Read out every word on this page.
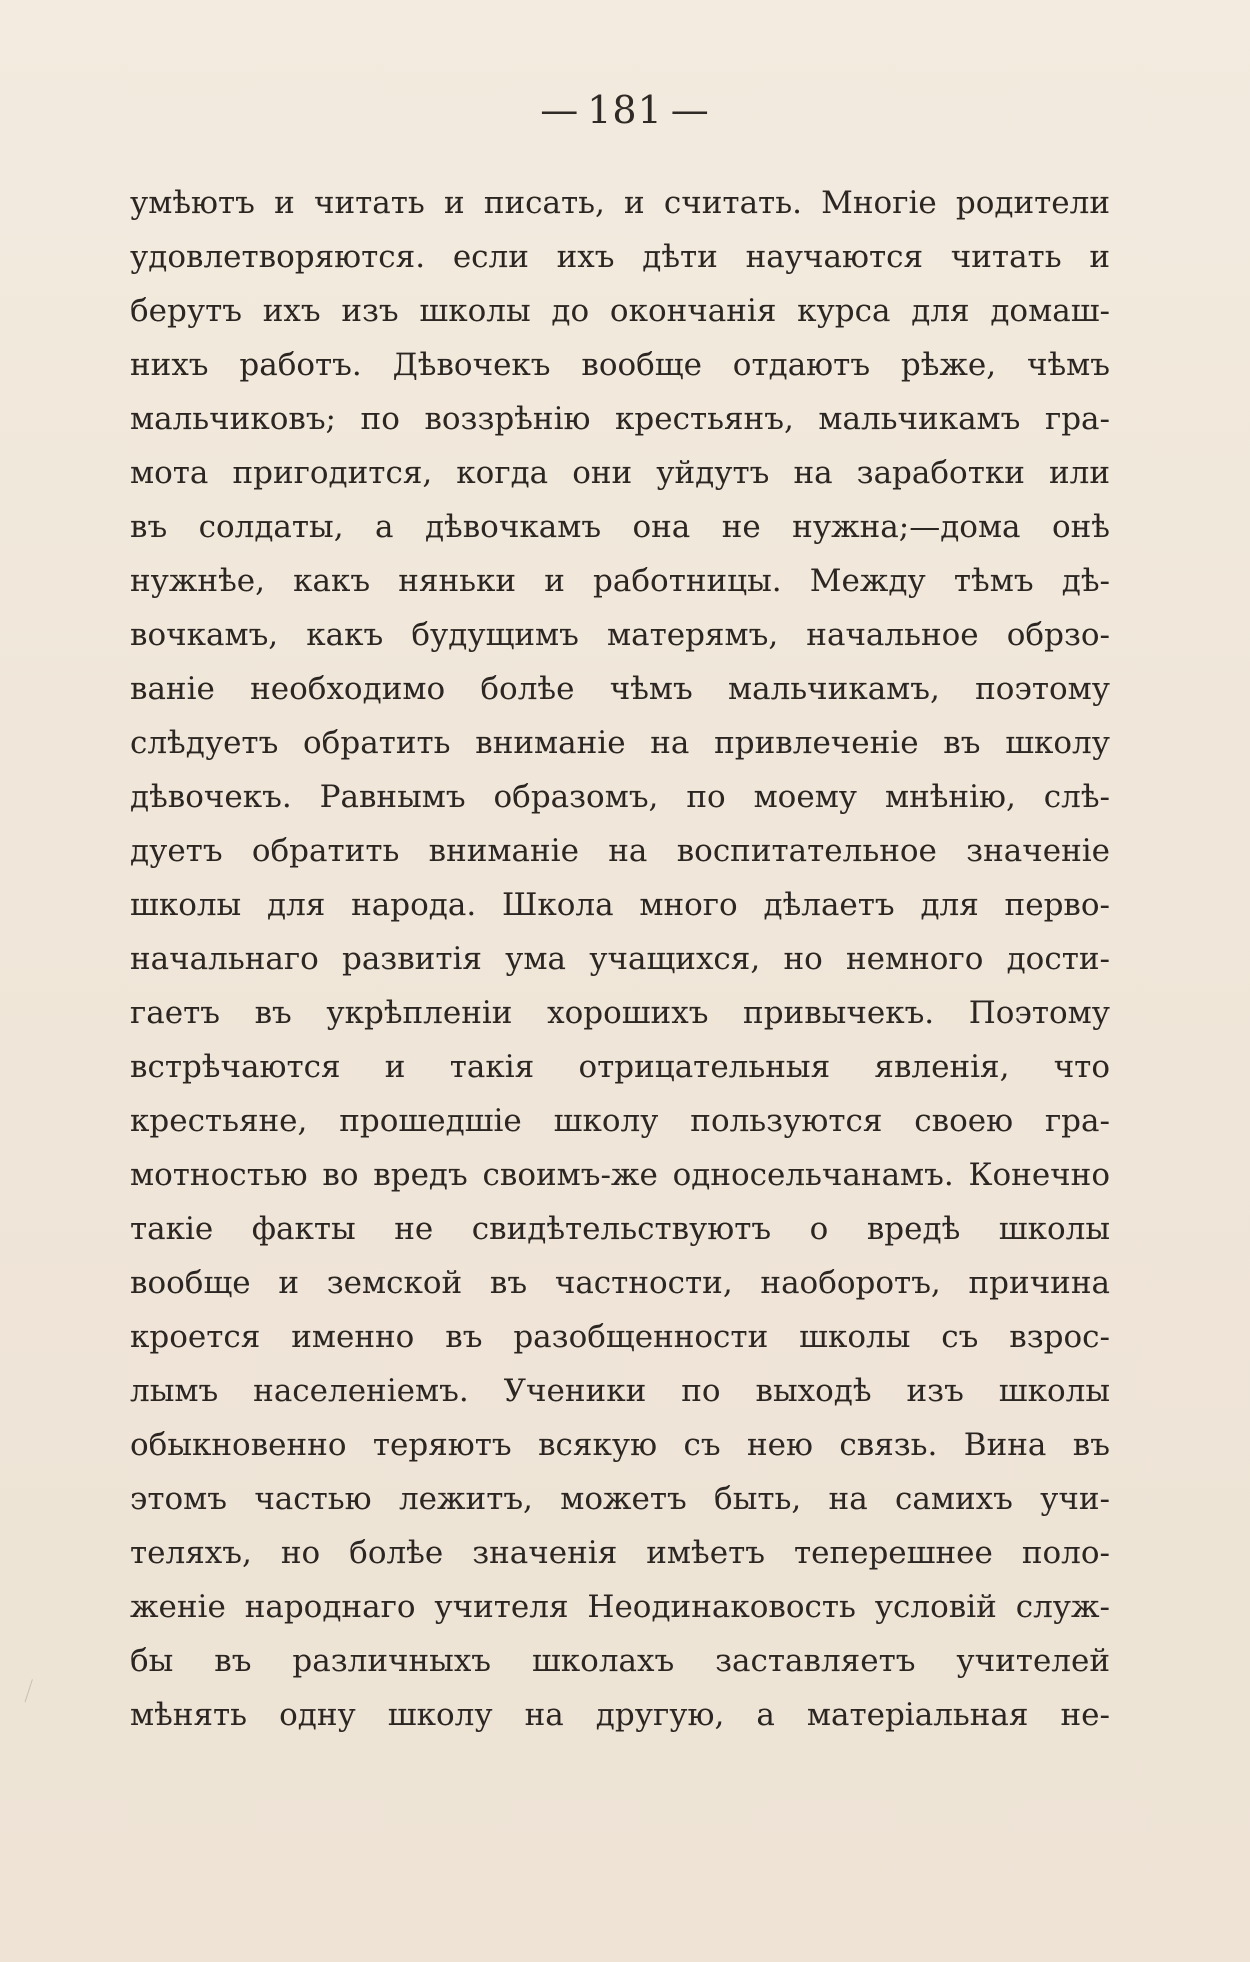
— 181 —
умѣютъ и читать и писать, и считать. Многіе родители
удовлетворяются. если ихъ дѣти научаются читать и
берутъ ихъ изъ школы до окончанія курса для домаш-
нихъ работъ. Дѣвочекъ вообще отдаютъ рѣже, чѣмъ
мальчиковъ; по воззрѣнію крестьянъ, мальчикамъ гра-
мота пригодится, когда они уйдутъ на заработки или
въ солдаты, а дѣвочкамъ она не нужна;—дома онѣ
нужнѣе, какъ няньки и работницы. Между тѣмъ дѣ-
вочкамъ, какъ будущимъ матерямъ, начальное обрзо-
ваніе необходимо болѣе чѣмъ мальчикамъ, поэтому
слѣдуетъ обратить вниманіе на привлеченіе въ школу
дѣвочекъ. Равнымъ образомъ, по моему мнѣнію, слѣ-
дуетъ обратить вниманіе на воспитательное значеніе
школы для народа. Школа много дѣлаетъ для перво-
начальнаго развитія ума учащихся, но немного дости-
гаетъ въ укрѣпленіи хорошихъ привычекъ. Поэтому
встрѣчаются и такія отрицательныя явленія, что
крестьяне, прошедшіе школу пользуются своею гра-
мотностью во вредъ своимъ-же односельчанамъ. Конечно
такіе факты не свидѣтельствуютъ о вредѣ школы
вообще и земской въ частности, наоборотъ, причина
кроется именно въ разобщенности школы съ взрос-
лымъ населеніемъ. Ученики по выходѣ изъ школы
обыкновенно теряютъ всякую съ нею связь. Вина въ
этомъ частью лежитъ, можетъ быть, на самихъ учи-
теляхъ, но болѣе значенія имѣетъ теперешнее поло-
женіе народнаго учителя Неодинаковость условій служ-
бы въ различныхъ школахъ заставляетъ учителей
мѣнять одну школу на другую, а матеріальная не-
